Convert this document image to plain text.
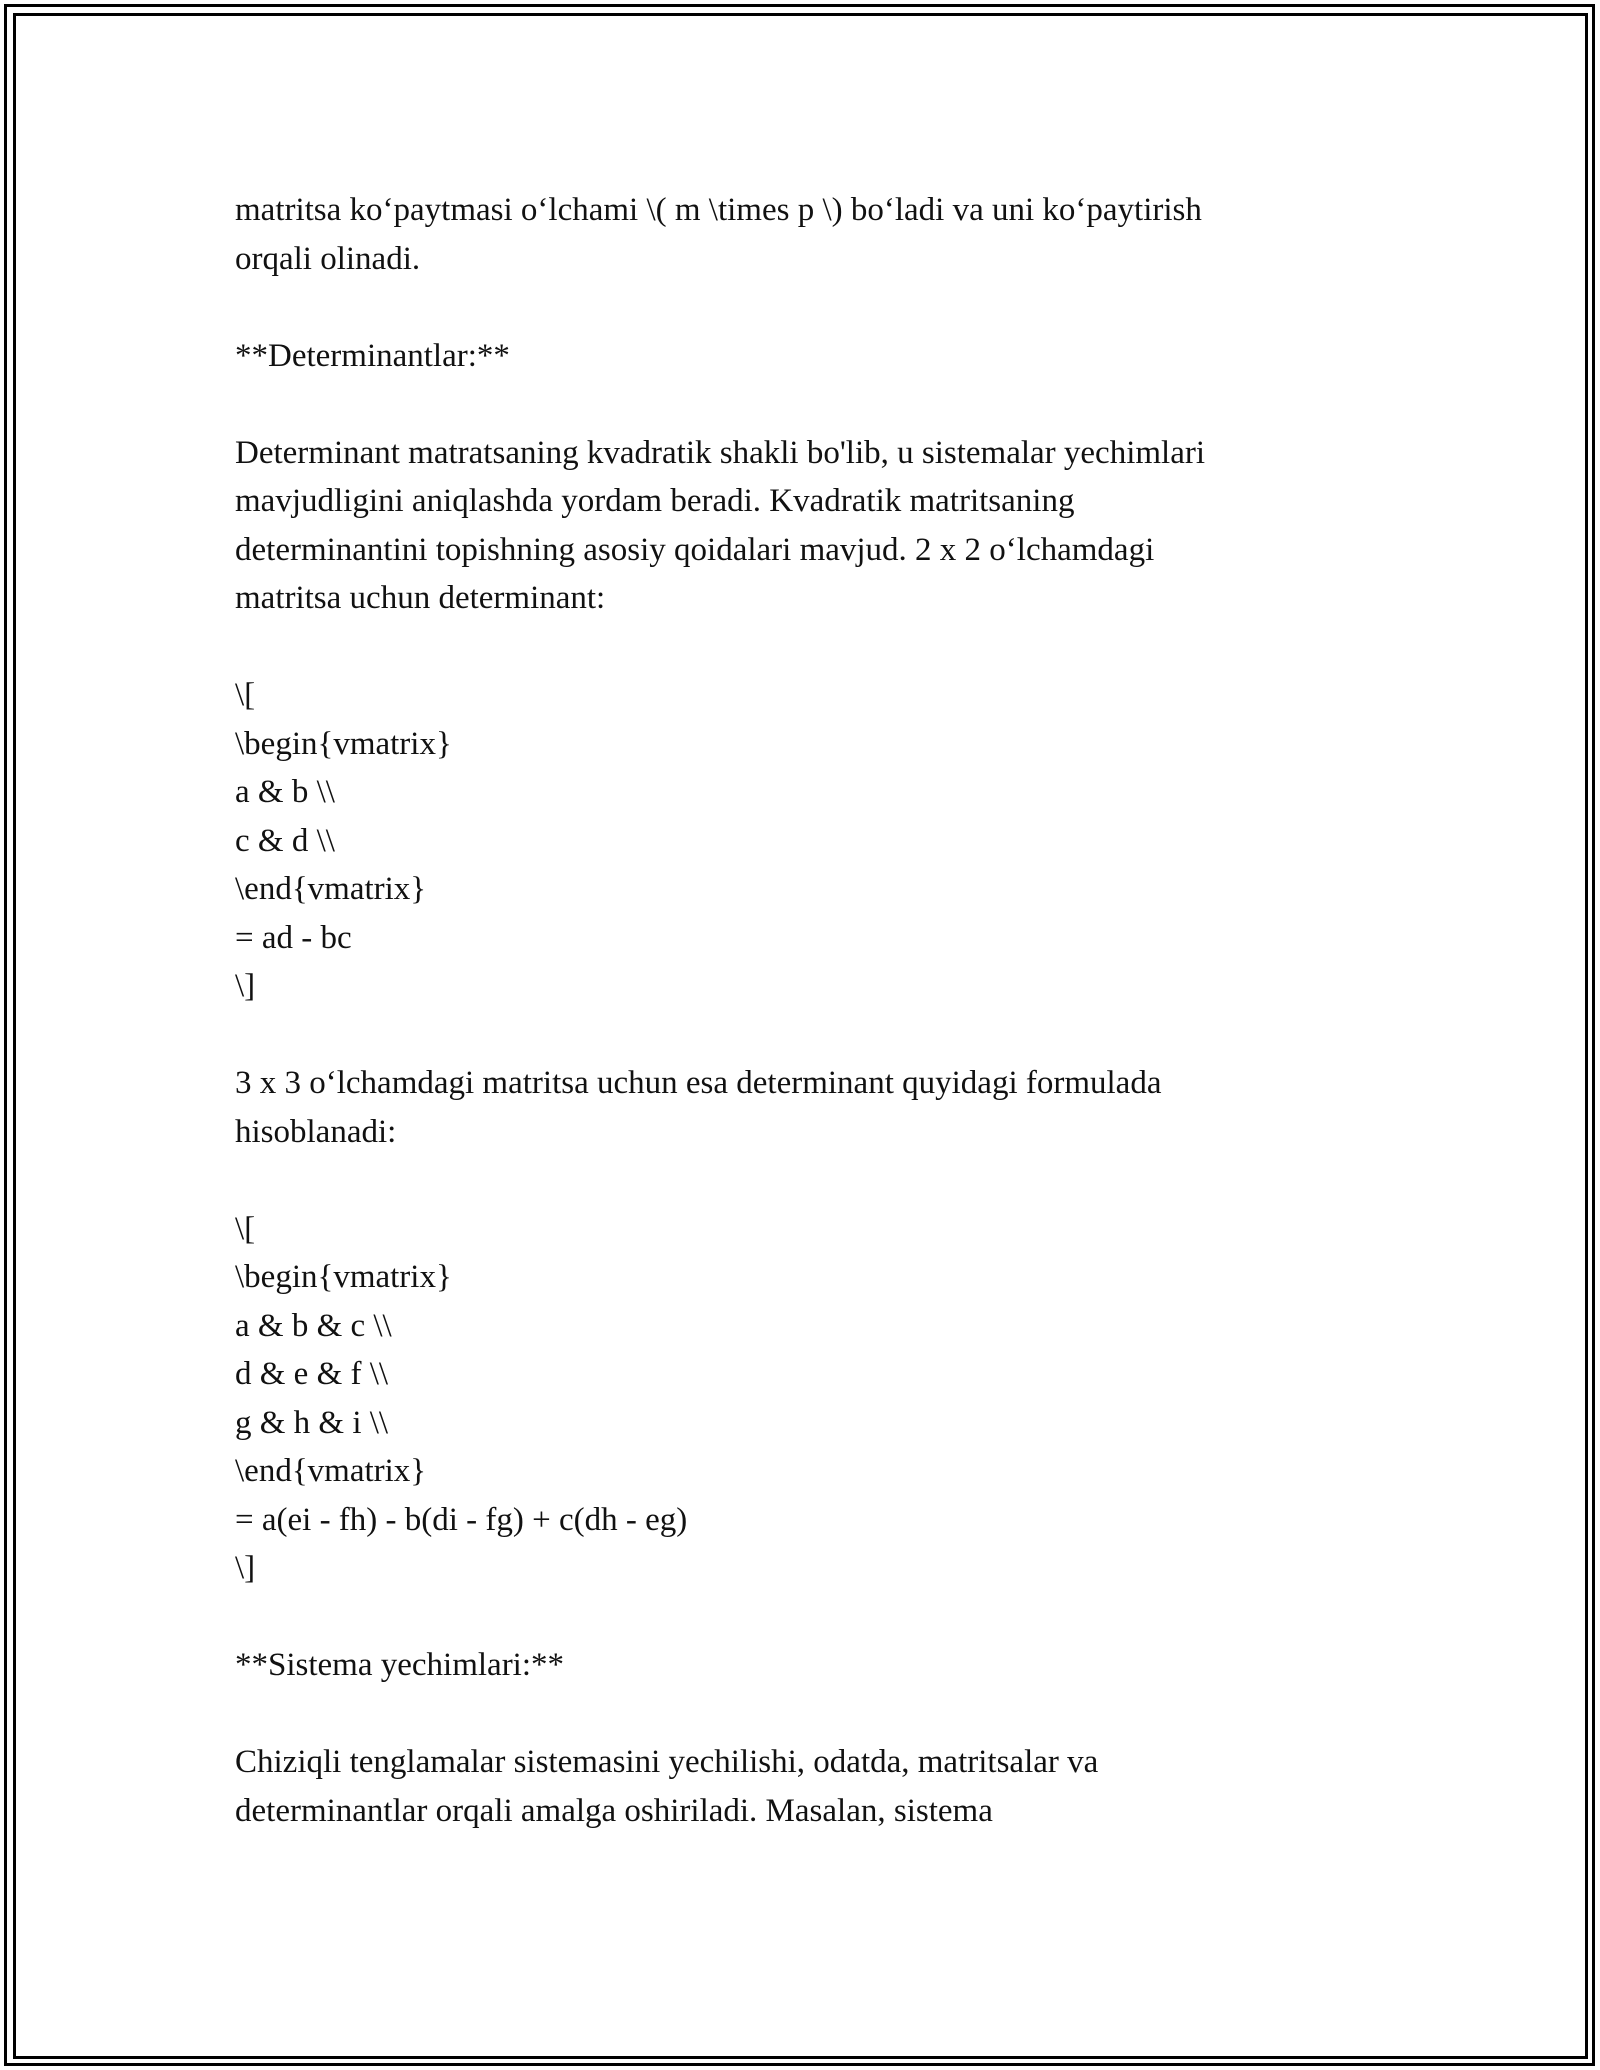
matritsa ko‘paytmasi o‘lchami \( m \times p \) bo‘ladi va uni ko‘paytirish
orqali olinadi.
**Determinantlar:**
Determinant matratsaning kvadratik shakli bo'lib, u sistemalar yechimlari
mavjudligini aniqlashda yordam beradi. Kvadratik matritsaning
determinantini topishning asosiy qoidalari mavjud. 2 x 2 o‘lchamdagi
matritsa uchun determinant:
\[
\begin{vmatrix}
a & b \\
c & d \\
\end{vmatrix}
= ad - bc
\]
3 x 3 o‘lchamdagi matritsa uchun esa determinant quyidagi formulada
hisoblanadi:
\[
\begin{vmatrix}
a & b & c \\
d & e & f \\
g & h & i \\
\end{vmatrix}
= a(ei - fh) - b(di - fg) + c(dh - eg)
\]
**Sistema yechimlari:**
Chiziqli tenglamalar sistemasini yechilishi, odatda, matritsalar va
determinantlar orqali amalga oshiriladi. Masalan, sistema
